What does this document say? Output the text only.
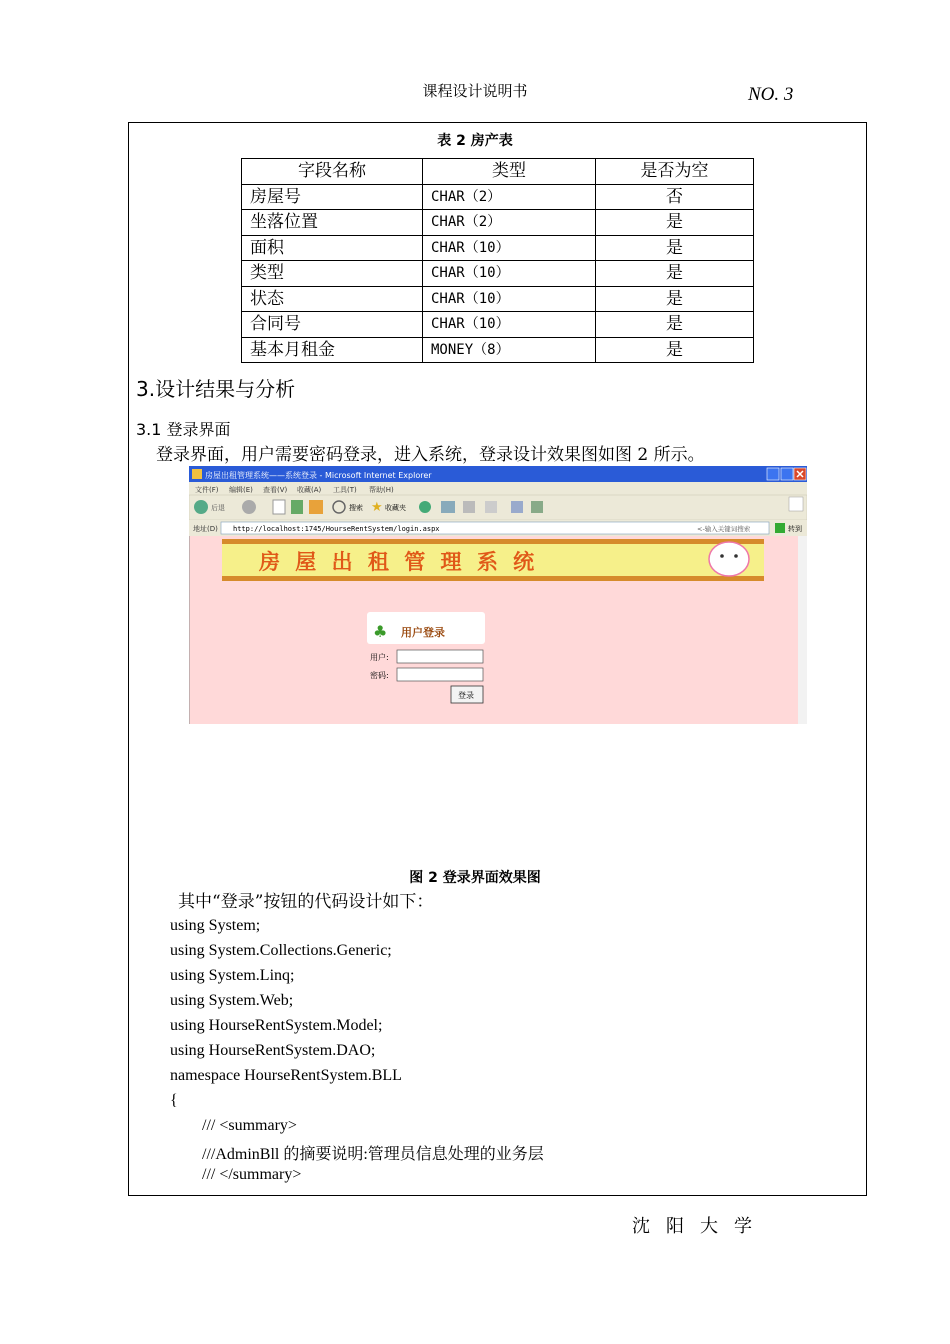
课程设计说明书	NO. 3
表 2 房产表
字段名称	类型	是否为空
房屋号	CHAR（2）	否
坐落位置	CHAR（2）	是
面积	CHAR（10）	是
类型	CHAR（10）	是
状态	CHAR（10）	是
合同号	CHAR（10）	是
基本月租金	MONEY（8）	是
3.设计结果与分析
3.1 登录界面
登录界面，用户需要密码登录，进入系统，登录设计效果图如图 2 所示。
房屋出租管理系统——系统登录 - Microsoft Internet Explorer
文件(F) 编辑(E) 查看(V) 收藏(A) 工具(T) 帮助(H)
后退	搜索 ★ 收藏夹
地址(D) http://localhost:1745/HourseRentSystem/login.aspx	<-输入关键词搜索	转到
房 屋 出 租 管 理 系 统
♣ 用户登录
用户:
密码:
登录
图 2 登录界面效果图
其中“登录”按钮的代码设计如下：
using System;
using System.Collections.Generic;
using System.Linq;
using System.Web;
using HourseRentSystem.Model;
using HourseRentSystem.DAO;
namespace HourseRentSystem.BLL
{
/// <summary>
///AdminBll 的摘要说明:管理员信息处理的业务层
/// </summary>
沈阳大学
